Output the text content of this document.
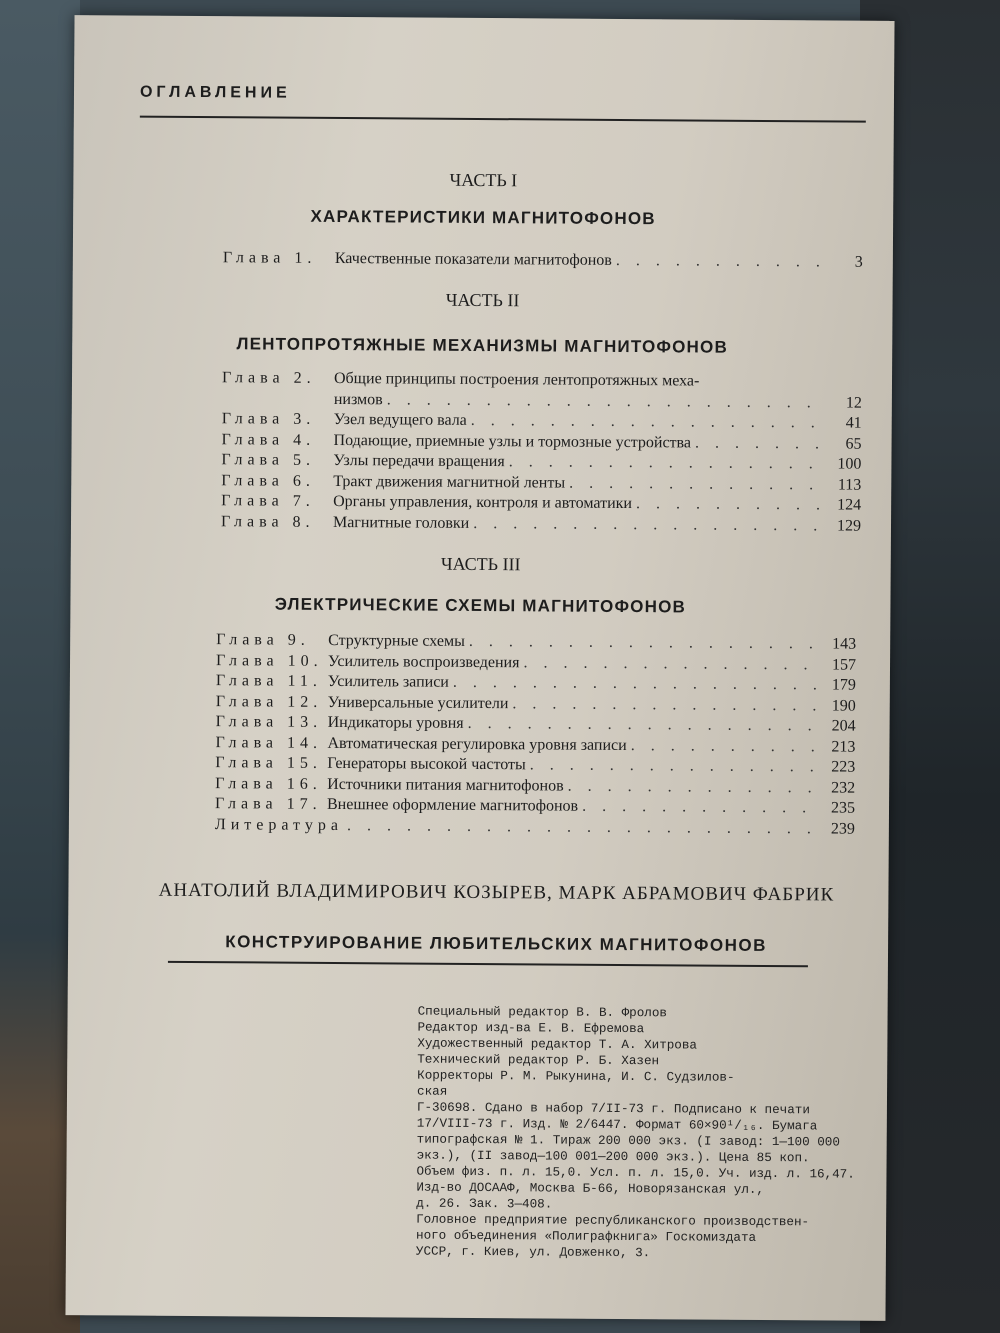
ОГЛАВЛЕНИЕ
ЧАСТЬ I
ХАРАКТЕРИСТИКИ МАГНИТОФОНОВ
Глава 1.	Качественные показатели магнитофонов . . .	3
ЧАСТЬ II
ЛЕНТОПРОТЯЖНЫЕ МЕХАНИЗМЫ МАГНИТОФОНОВ
Глава 2.	Общие принципы построения лентопротяжных меха-
низмов . . .	12
Глава 3.	Узел ведущего вала . . .	41
Глава 4.	Подающие, приемные узлы и тормозные устройства . . .	65
Глава 5.	Узлы передачи вращения . . .	100
Глава 6.	Тракт движения магнитной ленты . . .	113
Глава 7.	Органы управления, контроля и автоматики . . .	124
Глава 8.	Магнитные головки . . .	129
ЧАСТЬ III
ЭЛЕКТРИЧЕСКИЕ СХЕМЫ МАГНИТОФОНОВ
Глава 9.	Структурные схемы . . .	143
Глава 10. Усилитель воспроизведения . . .	157
Глава 11. Усилитель записи . . .	179
Глава 12. Универсальные усилители . . .	190
Глава 13. Индикаторы уровня . . .	204
Глава 14. Автоматическая регулировка уровня записи . . .	213
Глава 15. Генераторы высокой частоты . . .	223
Глава 16. Источники питания магнитофонов . . .	232
Глава 17. Внешнее оформление магнитофонов . . .	235
Литература . . .	239
АНАТОЛИЙ ВЛАДИМИРОВИЧ КОЗЫРЕВ, МАРК АБРАМОВИЧ ФАБРИК
КОНСТРУИРОВАНИЕ ЛЮБИТЕЛЬСКИХ МАГНИТОФОНОВ
Специальный редактор В. В. Фролов
Редактор изд-ва Е. В. Ефремова
Художественный редактор Т. А. Хитрова
Технический редактор Р. Б. Хазен
Корректоры Р. М. Рыкунина, И. С. Судзилов-
ская
Г-30698. Сдано в набор 7/II-73 г. Подписано к печати
17/VIII-73 г. Изд. № 2/6447. Формат 60×90¹/₁₆. Бумага
типографская № 1. Тираж 200 000 экз. (I завод: 1—100 000
экз.), (II завод—100 001—200 000 экз.). Цена 85 коп.
Объем физ. п. л. 15,0. Усл. п. л. 15,0. Уч. изд. л. 16,47.
Изд-во ДОСААФ, Москва Б-66, Новорязанская ул.,
д. 26. Зак. 3—408.
Головное предприятие республиканского производствен-
ного объединения «Полиграфкнига» Госкомиздата
УССР, г. Киев, ул. Довженко, 3.
